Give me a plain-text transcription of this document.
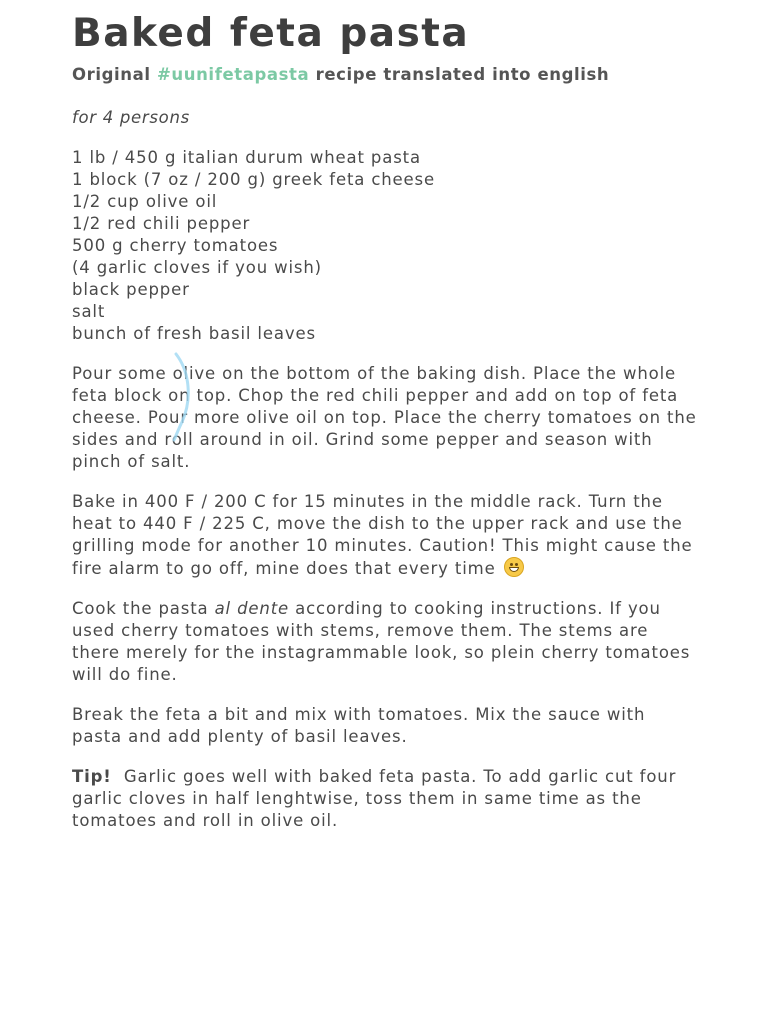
Baked feta pasta
Original #uunifetapasta recipe translated into english
for 4 persons
1 lb / 450 g italian durum wheat pasta
1 block (7 oz / 200 g) greek feta cheese
1/2 cup olive oil
1/2 red chili pepper
500 g cherry tomatoes
(4 garlic cloves if you wish)
black pepper
salt
bunch of fresh basil leaves

Pour some olive on the bottom of the baking dish. Place the whole feta block on top. Chop the red chili pepper and add on top of feta cheese. Pour more olive oil on top. Place the cherry tomatoes on the sides and roll around in oil. Grind some pepper and season with pinch of salt.

Bake in 400 F / 200 C for 15 minutes in the middle rack. Turn the heat to 440 F / 225 C, move the dish to the upper rack and use the grilling mode for another 10 minutes. Caution! This might cause the fire alarm to go off, mine does that every time

Cook the pasta al dente according to cooking instructions. If you used cherry tomatoes with stems, remove them. The stems are there merely for the instagrammable look, so plein cherry tomatoes will do fine.

Break the feta a bit and mix with tomatoes. Mix the sauce with pasta and add plenty of basil leaves.

Tip! Garlic goes well with baked feta pasta. To add garlic cut four garlic cloves in half lenghtwise, toss them in same time as the tomatoes and roll in olive oil.
